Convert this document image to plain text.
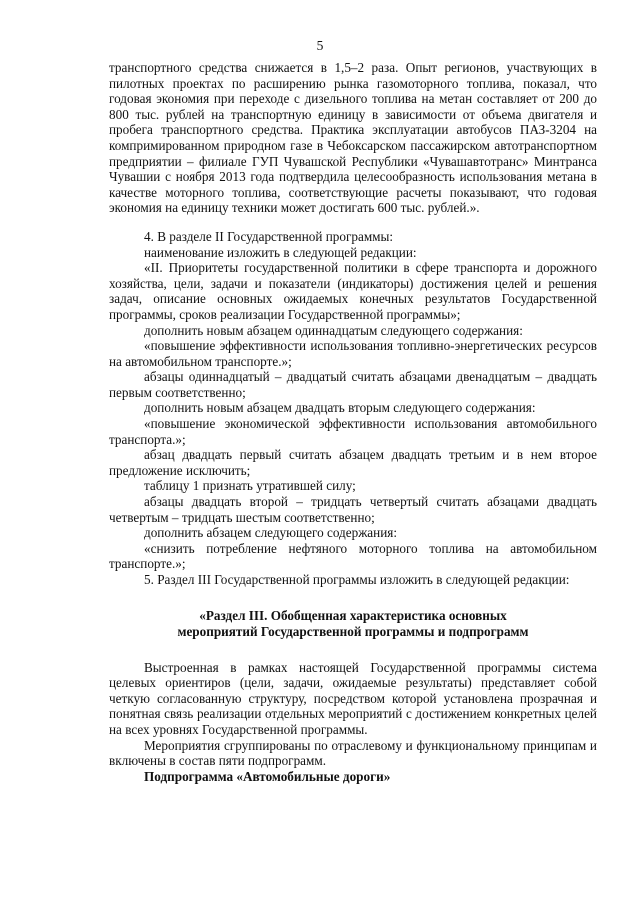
5

транспортного средства снижается в 1,5–2 раза. Опыт регионов, участвующих в пилотных проектах по расширению рынка газомоторного топлива, показал, что годовая экономия при переходе с дизельного топлива на метан составляет от 200 до 800 тыс. рублей на транспортную единицу в зависимости от объема двигателя и пробега транспортного средства. Практика эксплуатации автобусов ПАЗ-3204 на компримированном природном газе в Чебоксарском пассажирском автотранспортном предприятии – филиале ГУП Чувашской Республики «Чувашавтотранс» Минтранса Чувашии с ноября 2013 года подтвердила целесообразность использования метана в качестве моторного топлива, соответствующие расчеты показывают, что годовая экономия на единицу техники может достигать 600 тыс. рублей.».

4. В разделе II Государственной программы:

наименование изложить в следующей редакции:

«II. Приоритеты государственной политики в сфере транспорта и дорожного хозяйства, цели, задачи и показатели (индикаторы) достижения целей и решения задач, описание основных ожидаемых конечных результатов Государственной программы, сроков реализации Государственной программы»;

дополнить новым абзацем одиннадцатым следующего содержания:

«повышение эффективности использования топливно-энергетических ресурсов на автомобильном транспорте.»;

абзацы одиннадцатый – двадцатый считать абзацами двенадцатым – двадцать первым соответственно;

дополнить новым абзацем двадцать вторым следующего содержания:

«повышение экономической эффективности использования автомобильного транспорта.»;

абзац двадцать первый считать абзацем двадцать третьим и в нем второе предложение исключить;

таблицу 1 признать утратившей силу;

абзацы двадцать второй – тридцать четвертый считать абзацами двадцать четвертым – тридцать шестым соответственно;

дополнить абзацем следующего содержания:

«снизить потребление нефтяного моторного топлива на автомобильном транспорте.»;

5. Раздел III Государственной программы изложить в следующей редакции:

«Раздел III. Обобщенная характеристика основных

мероприятий Государственной программы и подпрограмм

Выстроенная в рамках настоящей Государственной программы система целевых ориентиров (цели, задачи, ожидаемые результаты) представляет собой четкую согласованную структуру, посредством которой установлена прозрачная и понятная связь реализации отдельных мероприятий с достижением конкретных целей на всех уровнях Государственной программы.

Мероприятия сгруппированы по отраслевому и функциональному принципам и включены в состав пяти подпрограмм.

Подпрограмма «Автомобильные дороги»
